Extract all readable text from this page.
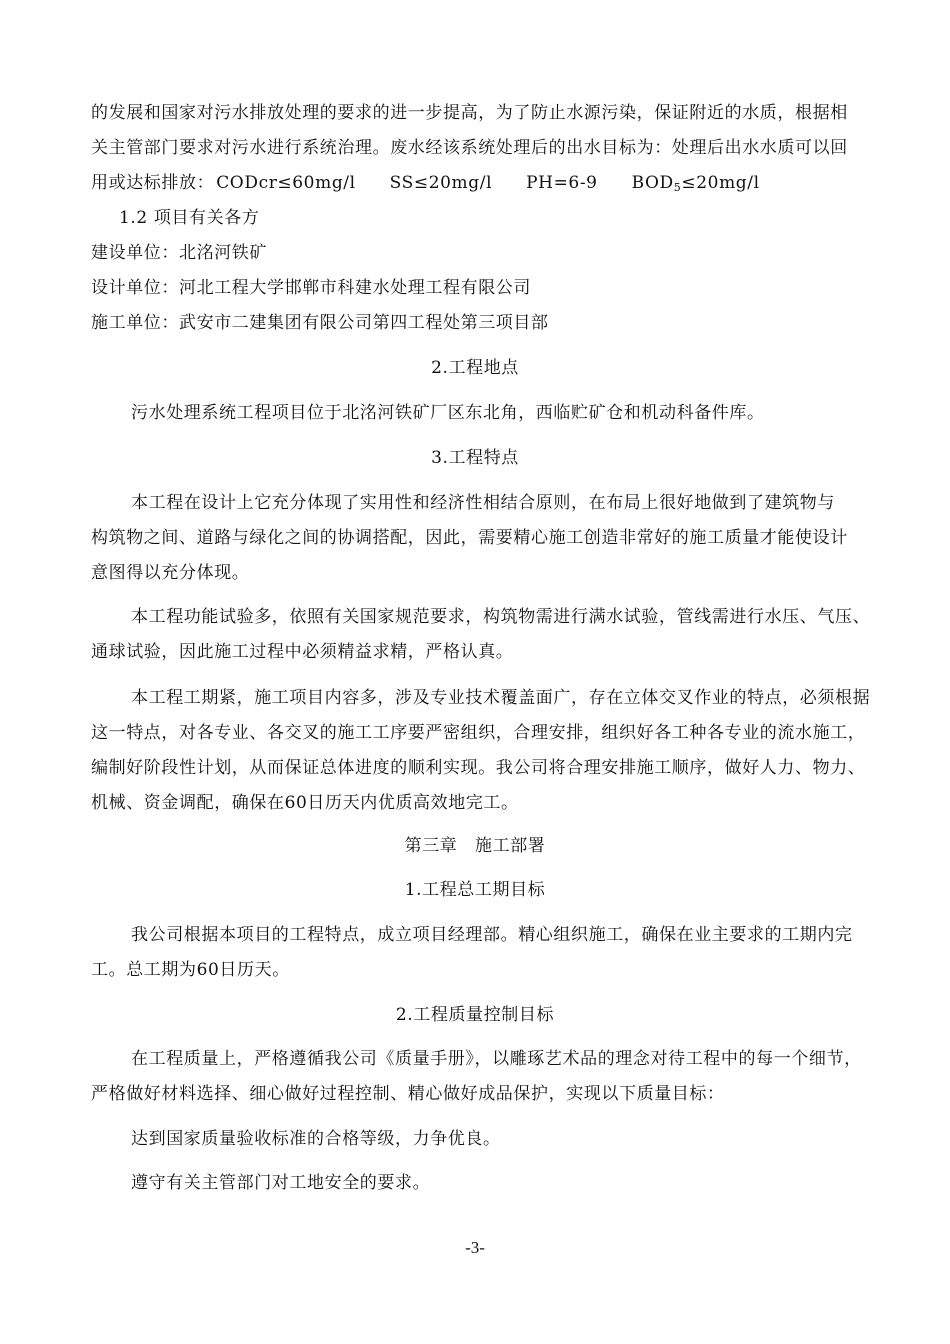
的发展和国家对污水排放处理的要求的进一步提高，为了防止水源污染，保证附近的水质，根据相
关主管部门要求对污水进行系统治理。废水经该系统处理后的出水目标为：处理后出水水质可以回
用或达标排放： CODcr≤60mg/l SS≤20mg/l PH=6-9 BOD5≤20mg/l
1.2 项目有关各方
建设单位：北洺河铁矿
设计单位：河北工程大学邯郸市科建水处理工程有限公司
施工单位：武安市二建集团有限公司第四工程处第三项目部
2.工程地点
污水处理系统工程项目位于北洺河铁矿厂区东北角，西临贮矿仓和机动科备件库。
3.工程特点
本工程在设计上它充分体现了实用性和经济性相结合原则，在布局上很好地做到了建筑物与
构筑物之间、道路与绿化之间的协调搭配，因此，需要精心施工创造非常好的施工质量才能使设计
意图得以充分体现。
本工程功能试验多，依照有关国家规范要求，构筑物需进行满水试验，管线需进行水压、气压、
通球试验，因此施工过程中必须精益求精，严格认真。
本工程工期紧，施工项目内容多，涉及专业技术覆盖面广，存在立体交叉作业的特点，必须根据
这一特点，对各专业、各交叉的施工工序要严密组织，合理安排，组织好各工种各专业的流水施工，
编制好阶段性计划，从而保证总体进度的顺利实现。我公司将合理安排施工顺序，做好人力、物力、
机械、资金调配，确保在60日历天内优质高效地完工。
第三章　施工部署
1.工程总工期目标
我公司根据本项目的工程特点，成立项目经理部。精心组织施工，确保在业主要求的工期内完
工。总工期为60日历天。
2.工程质量控制目标
在工程质量上，严格遵循我公司《质量手册》，以雕琢艺术品的理念对待工程中的每一个细节，
严格做好材料选择、细心做好过程控制、精心做好成品保护，实现以下质量目标：
达到国家质量验收标准的合格等级，力争优良。
遵守有关主管部门对工地安全的要求。
-3-
